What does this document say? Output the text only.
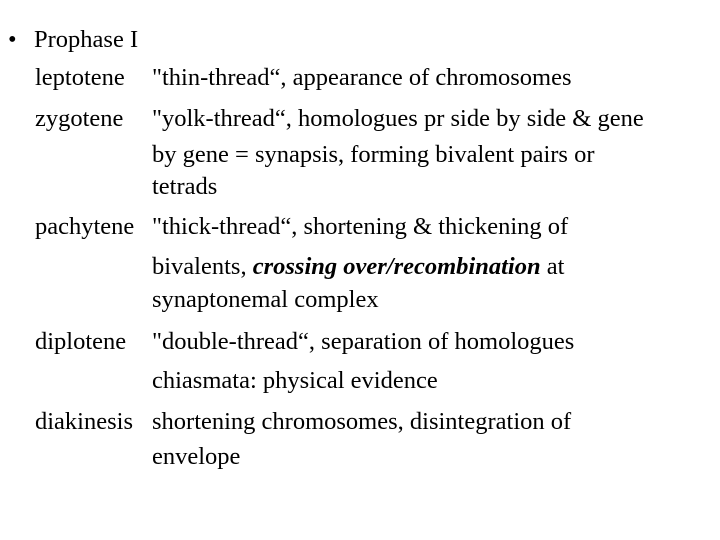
• Prophase I
leptotene "thin-thread“, appearance of chromosomes
zygotene "yolk-thread“, homologues pr side by side & gene
by gene = synapsis, forming bivalent pairs or
tetrads
pachytene "thick-thread“, shortening & thickening of
bivalents, crossing over/recombination at
synaptonemal complex
diplotene "double-thread“, separation of homologues
chiasmata: physical evidence
diakinesis shortening chromosomes, disintegration of
envelope
